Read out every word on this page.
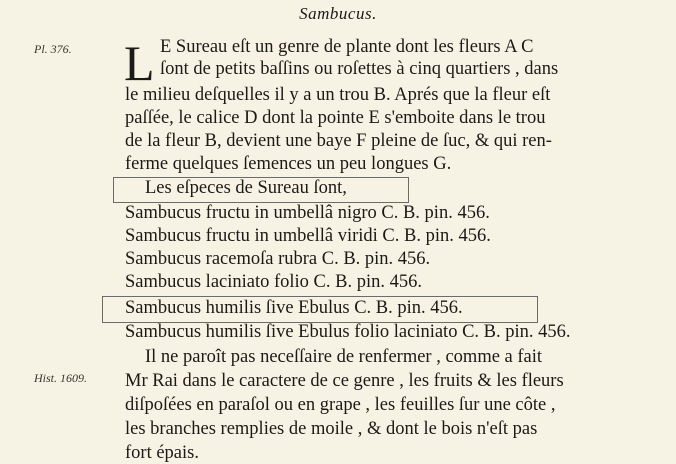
Sambucus.
Pl. 376.
Hist. 1609.
L E Sureau eſt un genre de plante dont les fleurs A C
ſont de petits baſſins ou roſettes à cinq quartiers , dans
le milieu deſquelles il y a un trou B. Aprés que la fleur eſt
paſſée, le calice D dont la pointe E s'emboite dans le trou
de la fleur B, devient une baye F pleine de ſuc, & qui ren-
ferme quelques ſemences un peu longues G.
Les eſpeces de Sureau ſont,
Sambucus fructu in umbellâ nigro C. B. pin. 456.
Sambucus fructu in umbellâ viridi C. B. pin. 456.
Sambucus racemoſa rubra C. B. pin. 456.
Sambucus laciniato folio C. B. pin. 456.
Sambucus humilis ſive Ebulus C. B. pin. 456.
Sambucus humilis ſive Ebulus folio laciniato C. B. pin. 456.
Il ne paroît pas neceſſaire de renfermer , comme a fait
Mr Rai dans le caractere de ce genre , les fruits & les fleurs
diſpoſées en paraſol ou en grape , les feuilles ſur une côte ,
les branches remplies de moile , & dont le bois n'eſt pas
fort épais.
